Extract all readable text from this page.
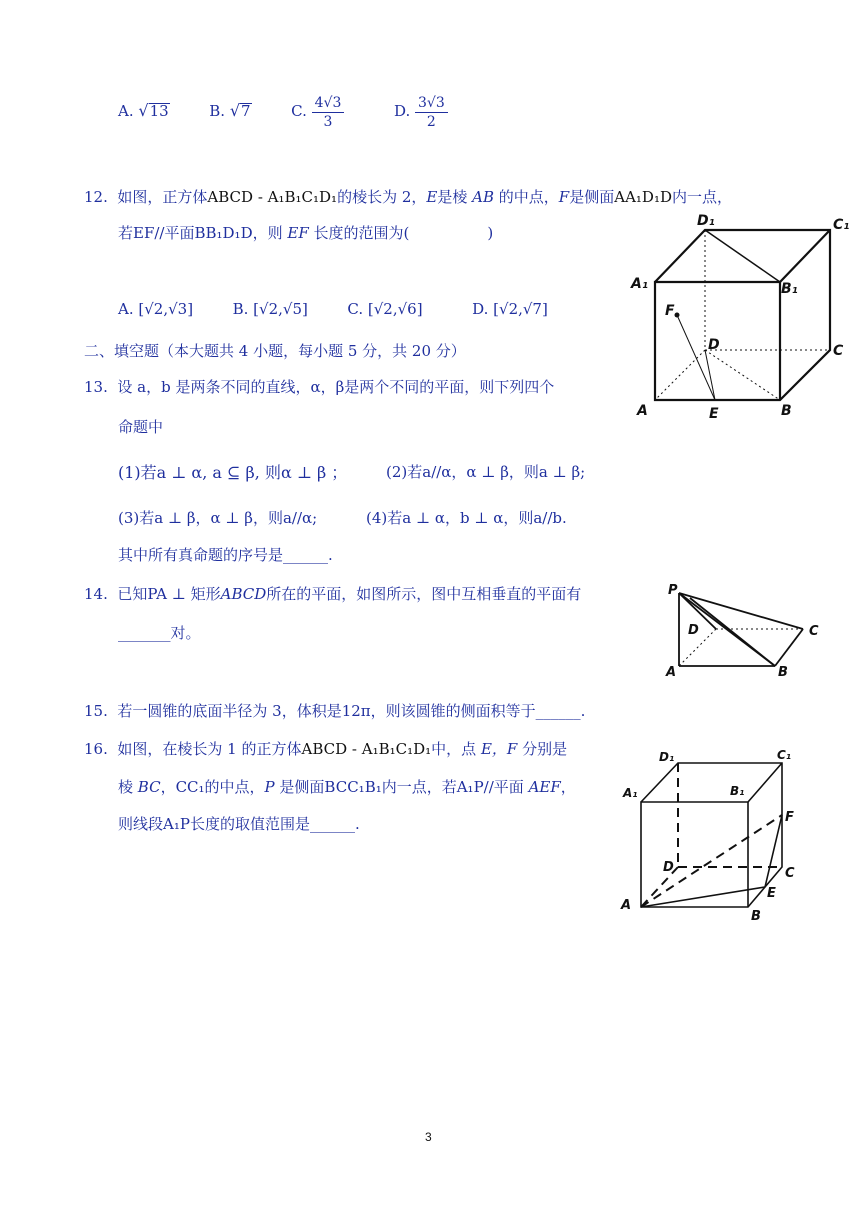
A. √13	B. √7	C. $\frac{4√3}{3}$	D. $\frac{3√3}{2}$
12. 如图，正方体ABCD - A₁B₁C₁D₁的棱长为 2，E是棱 AB 的中点，F是侧面AA₁D₁D内一点，
若EF//平面BB₁D₁D，则 EF 长度的范围为(	)
A. [√2,√3]	B. [√2,√5]	C. [√2,√6]	D. [√2,√7]
D₁	C₁
A₁	B₁
F
D	C
A	E	B
二、填空题（本大题共 4 小题，每小题 5 分，共 20 分）
13. 设 a，b 是两条不同的直线，α，β是两个不同的平面，则下列四个
命题中
(1)若a ⊥ α, a ⊆ β, 则α ⊥ β ；	(2)若a//α，α ⊥ β，则a ⊥ β;
(3)若a ⊥ β，α ⊥ β，则a//α;	(4)若a ⊥ α，b ⊥ α，则a//b.
其中所有真命题的序号是______.
14. 已知PA ⊥ 矩形ABCD所在的平面，如图所示，图中互相垂直的平面有
_______对。
P
D	C
A	B
15. 若一圆锥的底面半径为 3，体积是12π，则该圆锥的侧面积等于______.
16. 如图，在棱长为 1 的正方体ABCD - A₁B₁C₁D₁中，点 E，F 分别是
棱 BC，CC₁的中点，P 是侧面BCC₁B₁内一点，若A₁P//平面 AEF，
则线段A₁P长度的取值范围是______.
D₁	C₁
A₁	B₁
F
D	C
E
A
B
3
